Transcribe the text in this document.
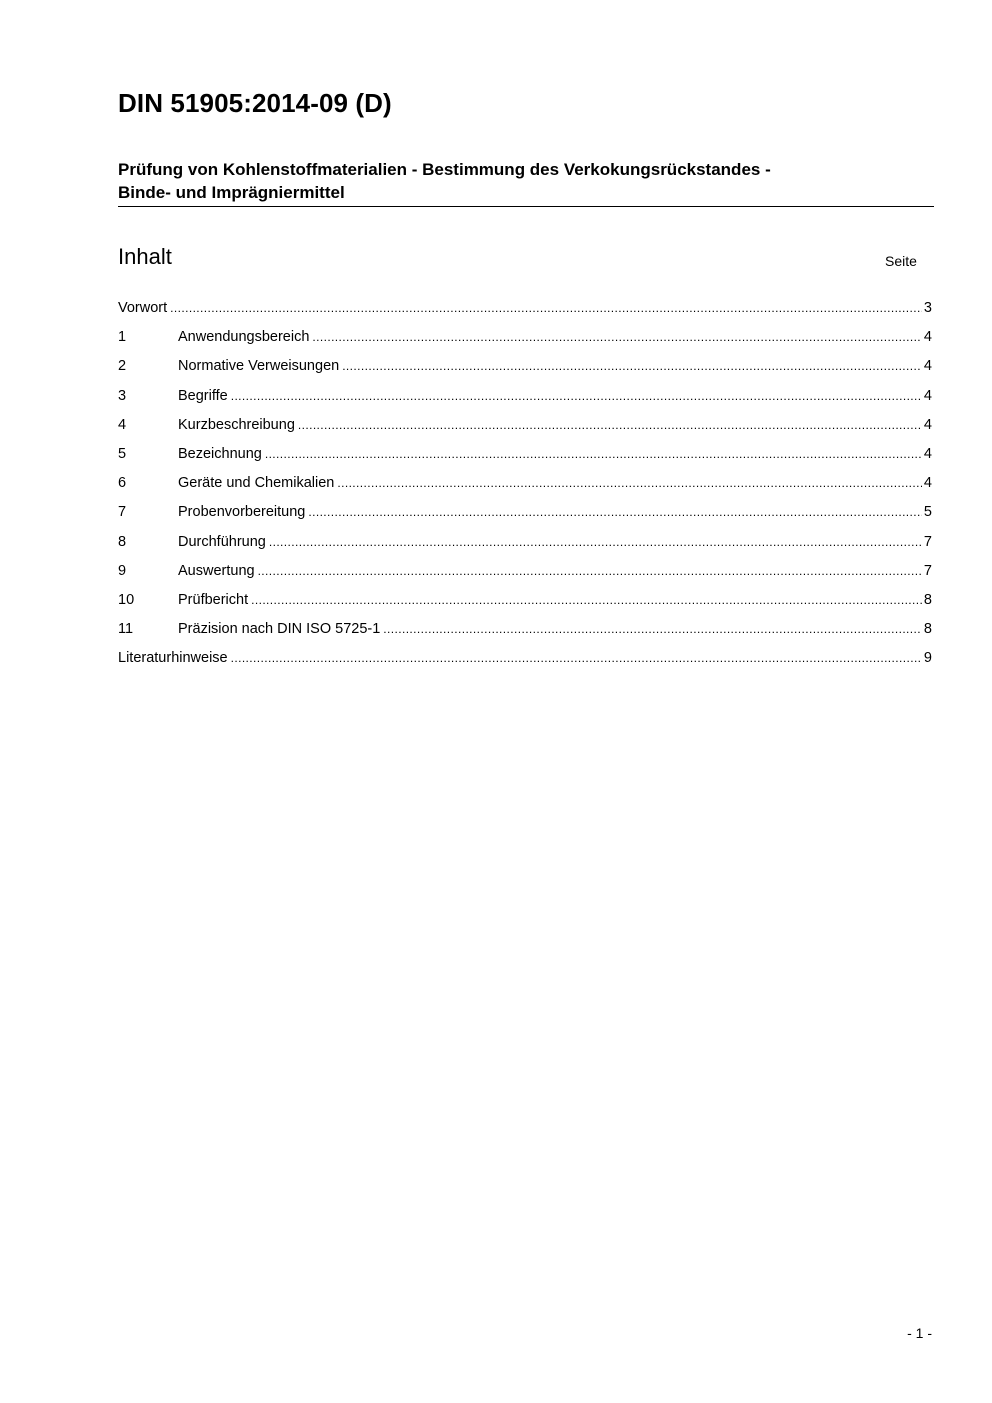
DIN 51905:2014-09 (D)
Prüfung von Kohlenstoffmaterialien - Bestimmung des Verkokungsrückstandes -
Binde- und Imprägniermittel
Inhalt	Seite
Vorwort .....	3
1	Anwendungsbereich .....	4
2	Normative Verweisungen .....	4
3	Begriffe .....	4
4	Kurzbeschreibung .....	4
5	Bezeichnung .....	4
6	Geräte und Chemikalien .....	4
7	Probenvorbereitung .....	5
8	Durchführung .....	7
9	Auswertung .....	7
10	Prüfbericht .....	8
11	Präzision nach DIN ISO 5725-1 .....	8
Literaturhinweise .....	9
- 1 -
